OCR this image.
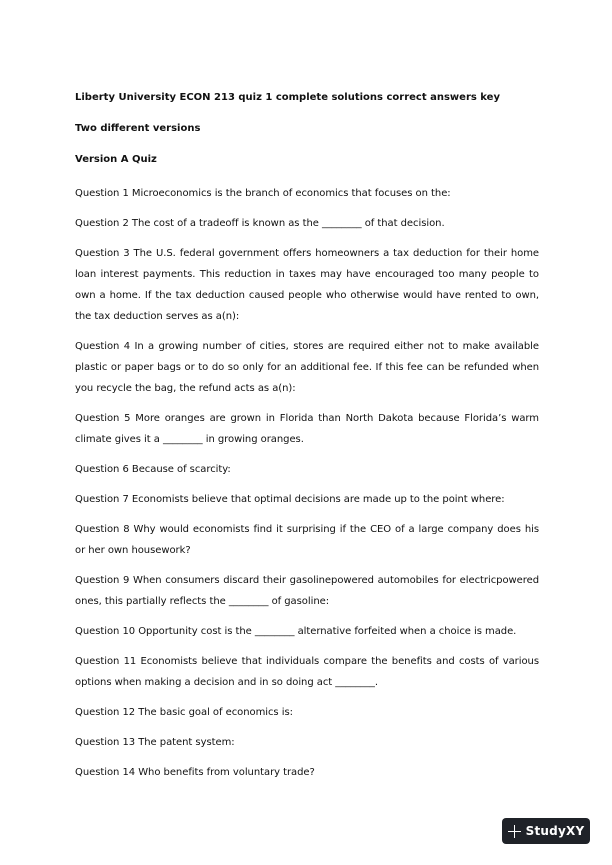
Liberty University ECON 213 quiz 1 complete solutions correct answers key
Two different versions
Version A Quiz
Question 1 Microeconomics is the branch of economics that focuses on the:
Question 2 The cost of a tradeoff is known as the ________ of that decision.
Question 3 The U.S. federal government offers homeowners a tax deduction for their home loan interest payments. This reduction in taxes may have encouraged too many people to own a home. If the tax deduction caused people who otherwise would have rented to own, the tax deduction serves as a(n):
Question 4 In a growing number of cities, stores are required either not to make available plastic or paper bags or to do so only for an additional fee. If this fee can be refunded when you recycle the bag, the refund acts as a(n):
Question 5 More oranges are grown in Florida than North Dakota because Florida’s warm climate gives it a ________ in growing oranges.
Question 6 Because of scarcity:
Question 7 Economists believe that optimal decisions are made up to the point where:
Question 8 Why would economists find it surprising if the CEO of a large company does his or her own housework?
Question 9 When consumers discard their gasolinepowered automobiles for electricpowered ones, this partially reflects the ________ of gasoline:
Question 10 Opportunity cost is the ________ alternative forfeited when a choice is made.
Question 11 Economists believe that individuals compare the benefits and costs of various options when making a decision and in so doing act ________.
Question 12 The basic goal of economics is:
Question 13 The patent system:
Question 14 Who benefits from voluntary trade?
StudyXY
